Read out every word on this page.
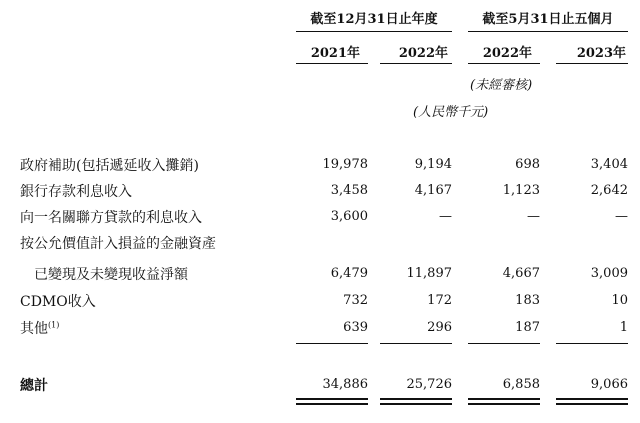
截至12月31日止年度	截至5月31日止五個月
2021年	2022年	2022年	2023年
(未經審核)
(人民幣千元)
政府補助(包括遞延收入攤銷)	19,978	9,194	698	3,404
銀行存款利息收入	3,458	4,167	1,123	2,642
向一名關聯方貸款的利息收入	3,600	—	—	—
按公允價值計入損益的金融資產
已變現及未變現收益淨額	6,479	11,897	4,667	3,009
CDMO收入	732	172	183	10
其他$^{(1)}$	639	296	187	1
總計	34,886	25,726	6,858	9,066
